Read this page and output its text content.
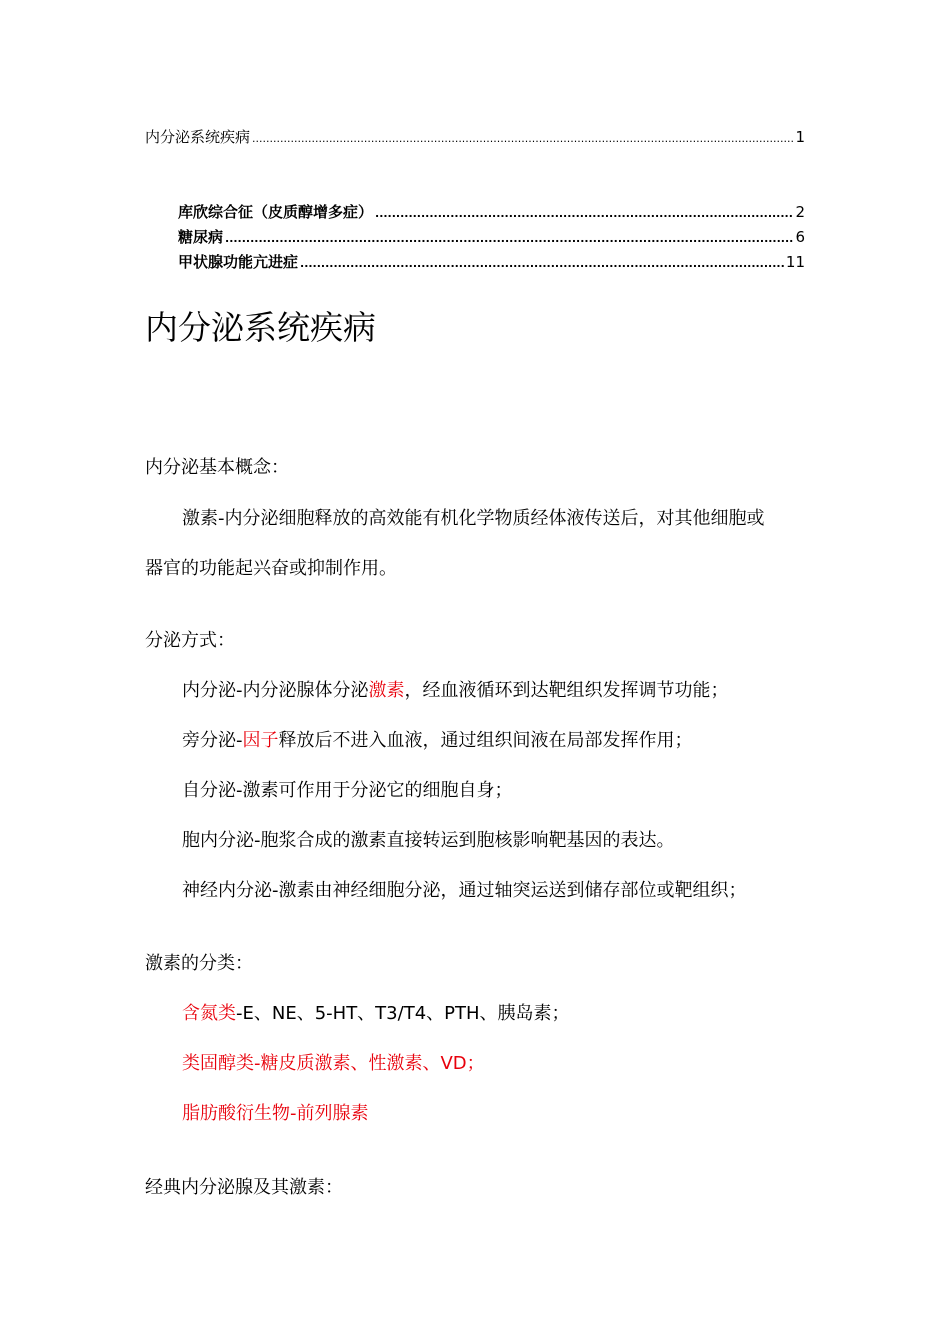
内分泌系统疾病 .....	1
库欣综合征（皮质醇增多症） .....	2
糖尿病 .....	6
甲状腺功能亢进症 .....	11
内分泌系统疾病
内分泌基本概念：
激素-内分泌细胞释放的高效能有机化学物质经体液传送后，对其他细胞或
器官的功能起兴奋或抑制作用。
分泌方式：
内分泌-内分泌腺体分泌激素，经血液循环到达靶组织发挥调节功能；
旁分泌-因子释放后不进入血液，通过组织间液在局部发挥作用；
自分泌-激素可作用于分泌它的细胞自身；
胞内分泌-胞浆合成的激素直接转运到胞核影响靶基因的表达。
神经内分泌-激素由神经细胞分泌，通过轴突运送到储存部位或靶组织；
激素的分类：
含氮类-E、NE、5-HT、T3/T4、PTH、胰岛素；
类固醇类-糖皮质激素、性激素、VD；
脂肪酸衍生物-前列腺素
经典内分泌腺及其激素：
